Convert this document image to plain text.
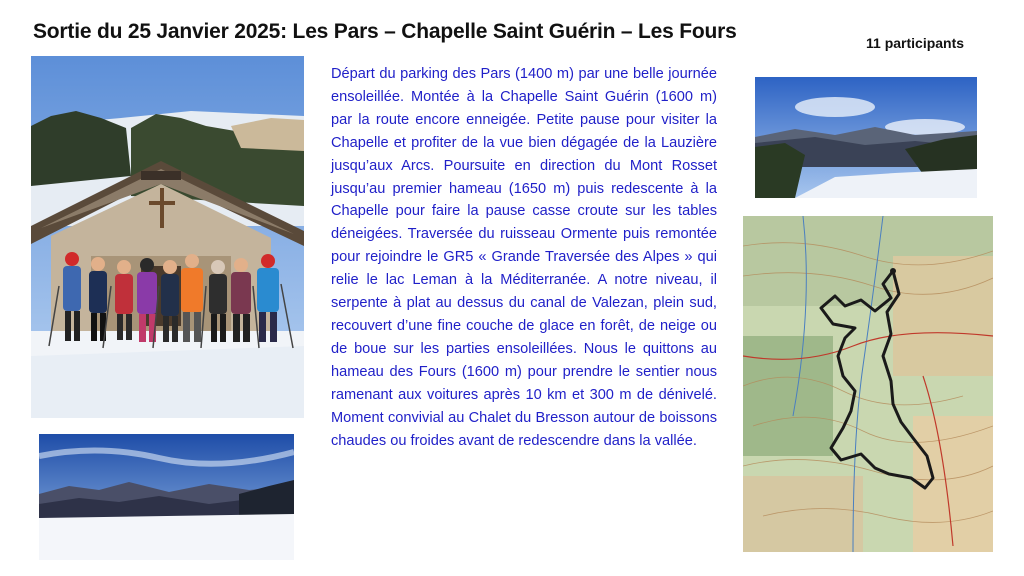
Sortie du 25 Janvier 2025: Les Pars – Chapelle Saint Guérin – Les Fours	11 participants
Départ du parking des Pars (1400 m) par une belle journée ensoleillée. Montée à la Chapelle Saint Guérin (1600 m) par la route encore enneigée. Petite pause pour visiter la Chapelle et profiter de la vue bien dégagée de la Lauzière jusqu’aux Arcs. Poursuite en direction du Mont Rosset jusqu’au premier hameau (1650 m) puis redescente à la Chapelle pour faire la pause casse croute sur les tables déneigées. Traversée du ruisseau Ormente puis remontée pour rejoindre le GR5 « Grande Traversée des Alpes » qui relie le lac Leman à la Méditerranée. A notre niveau, il serpente à plat au dessus du canal de Valezan, plein sud, recouvert d’une fine couche de glace en forêt, de neige ou de boue sur les parties ensoleillées. Nous le quittons au hameau des Fours (1600 m) pour prendre le sentier nous ramenant aux voitures après 10 km et 300 m de dénivelé. Moment convivial au Chalet du Bresson autour de boissons chaudes ou froides avant de redescendre dans la vallée.
